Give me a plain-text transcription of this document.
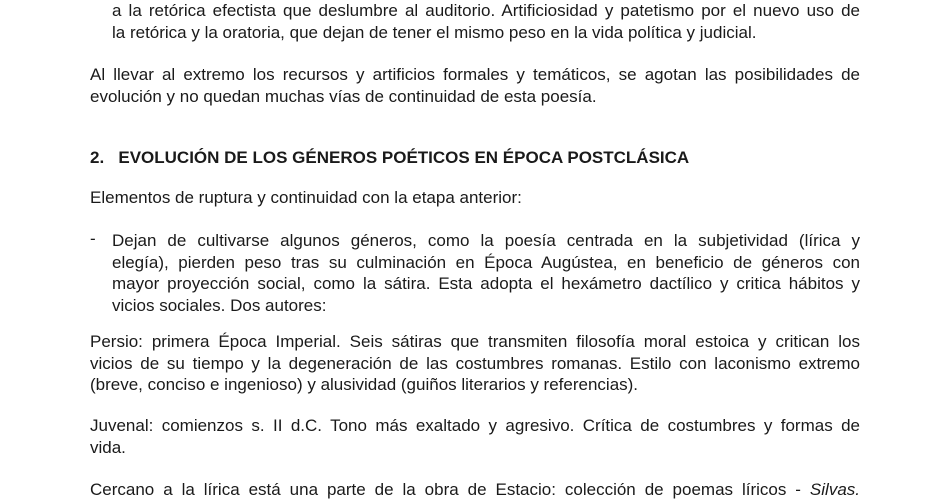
a la retórica efectista que deslumbre al auditorio. Artificiosidad y patetismo por el nuevo uso de
la retórica y la oratoria, que dejan de tener el mismo peso en la vida política y judicial.

Al llevar al extremo los recursos y artificios formales y temáticos, se agotan las posibilidades de
evolución y no quedan muchas vías de continuidad de esta poesía.

2. EVOLUCIÓN DE LOS GÉNEROS POÉTICOS EN ÉPOCA POSTCLÁSICA

Elementos de ruptura y continuidad con la etapa anterior:

- Dejan de cultivarse algunos géneros, como la poesía centrada en la subjetividad (lírica y
elegía), pierden peso tras su culminación en Época Augústea, en beneficio de géneros con
mayor proyección social, como la sátira. Esta adopta el hexámetro dactílico y critica hábitos y
vicios sociales. Dos autores:

Persio: primera Época Imperial. Seis sátiras que transmiten filosofía moral estoica y critican los
vicios de su tiempo y la degeneración de las costumbres romanas. Estilo con laconismo extremo
(breve, conciso e ingenioso) y alusividad (guiños literarios y referencias).

Juvenal: comienzos s. II d.C. Tono más exaltado y agresivo. Crítica de costumbres y formas de
vida.

Cercano a la lírica está una parte de la obra de Estacio: colección de poemas líricos - Silvas.
